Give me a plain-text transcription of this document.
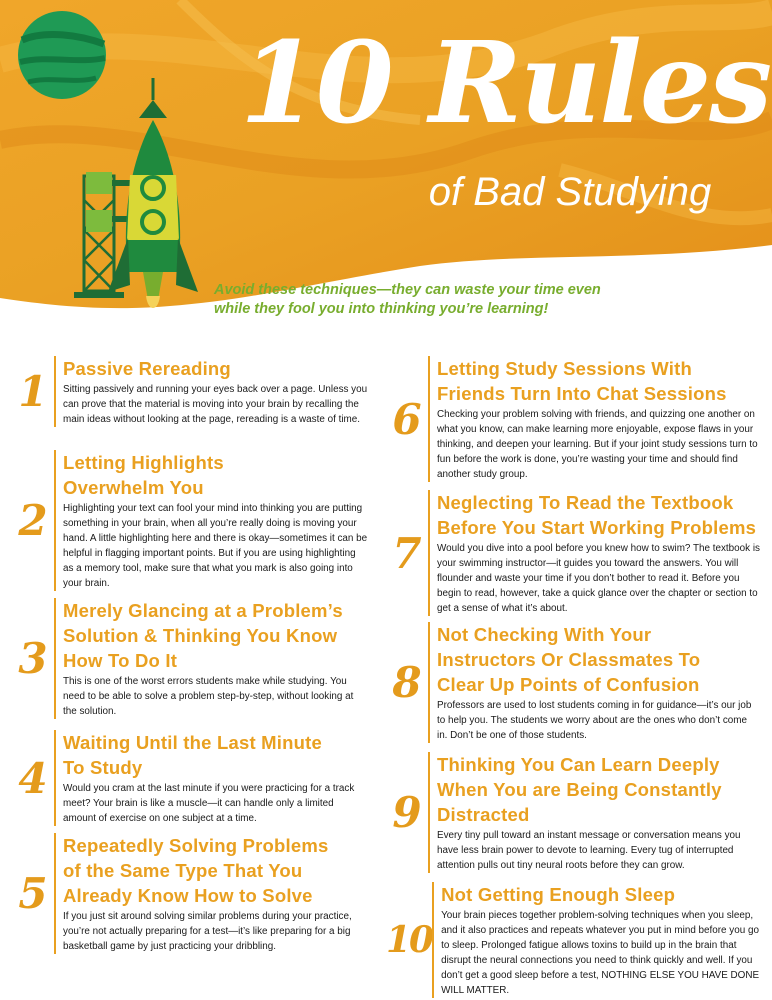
10 Rules
of Bad Studying
Avoid these techniques—they can waste your time even
while they fool you into thinking you’re learning!
1 Passive Rereading

Sitting passively and running your eyes back over a page. Unless you can prove that the material is moving into your brain by recalling the main ideas without looking at the page, rereading is a waste of time.

2
Letting Highlights
Overwhelm You

Highlighting your text can fool your mind into thinking you are putting something in your brain, when all you’re really doing is moving your hand. A little highlighting here and there is okay—sometimes it can be helpful in flagging important points. But if you are using highlighting as a memory tool, make sure that what you mark is also going into your brain.

3
Merely Glancing at a Problem’s
Solution & Thinking You Know
How To Do It

This is one of the worst errors students make while studying. You need to be able to solve a problem step-by-step, without looking at the solution.

4
Waiting Until the Last Minute
To Study

Would you cram at the last minute if you were practicing for a track meet? Your brain is like a muscle—it can handle only a limited amount of exercise on one subject at a time.

5
Repeatedly Solving Problems
of the Same Type That You
Already Know How to Solve

If you just sit around solving similar problems during your practice, you’re not actually preparing for a test—it’s like preparing for a big basketball game by just practicing your dribbling.

6
Letting Study Sessions With
Friends Turn Into Chat Sessions

Checking your problem solving with friends, and quizzing one another on what you know, can make learning more enjoyable, expose flaws in your thinking, and deepen your learning. But if your joint study sessions turn to fun before the work is done, you’re wasting your time and should find another study group.

7
Neglecting To Read the Textbook
Before You Start Working Problems

Would you dive into a pool before you knew how to swim? The textbook is your swimming instructor—it guides you toward the answers. You will flounder and waste your time if you don’t bother to read it. Before you begin to read, however, take a quick glance over the chapter or section to get a sense of what it’s about.

8
Not Checking With Your
Instructors Or Classmates To
Clear Up Points of Confusion

Professors are used to lost students coming in for guidance—it’s our job to help you. The students we worry about are the ones who don’t come in. Don’t be one of those students.

9
Thinking You Can Learn Deeply
When You are Being Constantly
Distracted

Every tiny pull toward an instant message or conversation means you have less brain power to devote to learning. Every tug of interrupted attention pulls out tiny neural roots before they can grow.

10
Not Getting Enough Sleep

Your brain pieces together problem-solving techniques when you sleep, and it also practices and repeats whatever you put in mind before you go to sleep. Prolonged fatigue allows toxins to build up in the brain that disrupt the neural connections you need to think quickly and well. If you don’t get a good sleep before a test, NOTHING ELSE YOU HAVE DONE WILL MATTER.
